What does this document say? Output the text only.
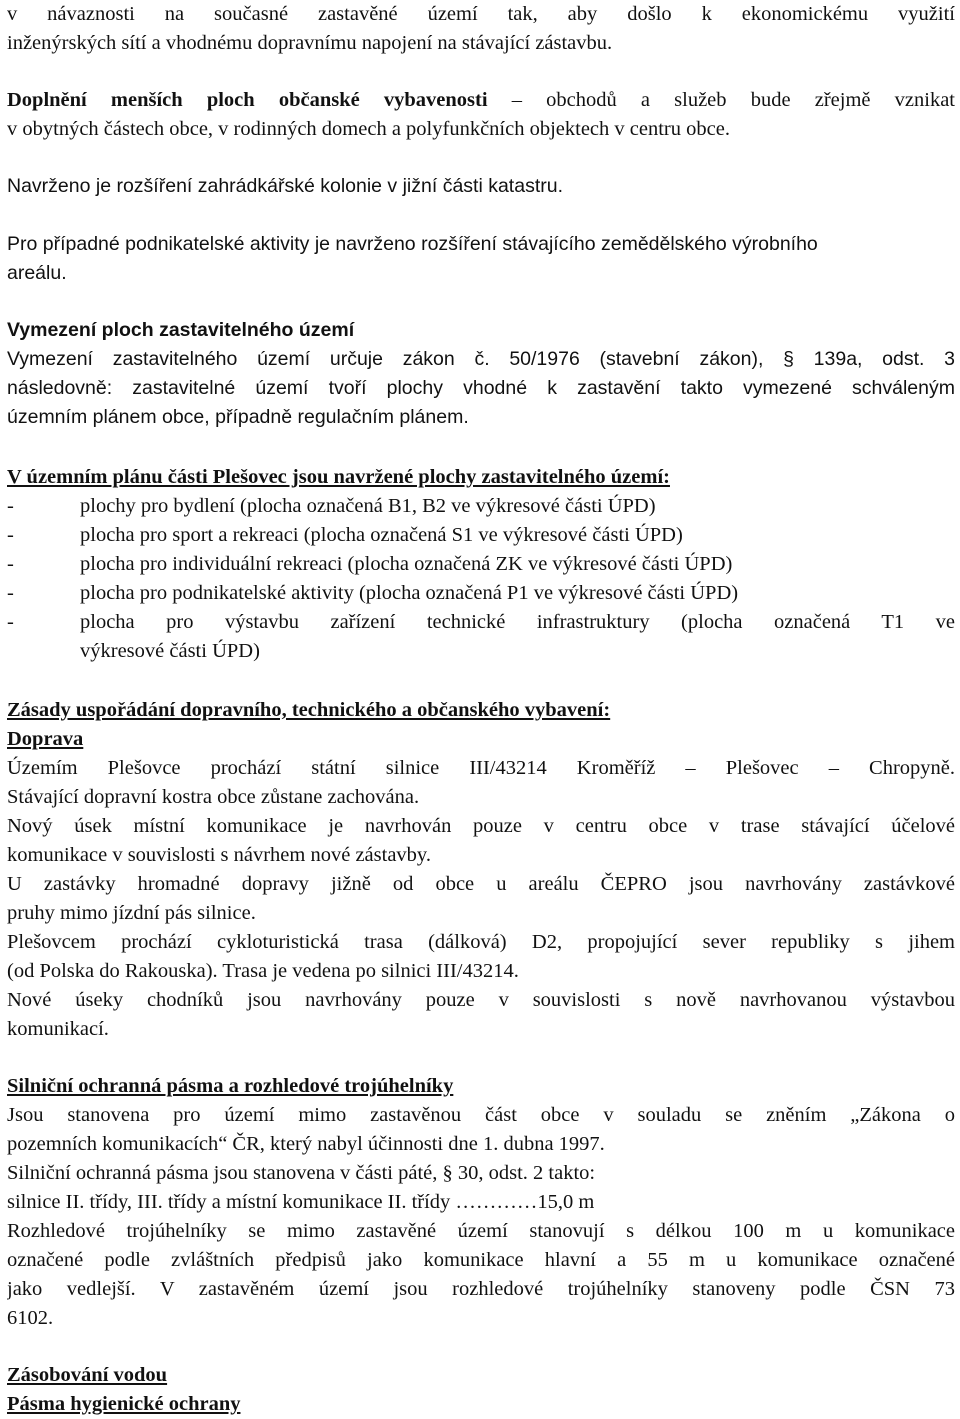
v návaznosti na současné zastavěné území tak, aby došlo k ekonomickému využití
inženýrských sítí a vhodnému dopravnímu napojení na stávající zástavbu.
Doplnění menších ploch občanské vybavenosti – obchodů a služeb bude zřejmě vznikat
v obytných částech obce, v rodinných domech a polyfunkčních objektech v centru obce.
Navrženo je rozšíření zahrádkářské kolonie v jižní části katastru.
Pro případné podnikatelské aktivity je navrženo rozšíření stávajícího zemědělského výrobního
areálu.
Vymezení ploch zastavitelného území
Vymezení zastavitelného území určuje zákon č. 50/1976 (stavební zákon), § 139a, odst. 3
následovně: zastavitelné území tvoří plochy vhodné k zastavění takto vymezené schváleným
územním plánem obce, případně regulačním plánem.
V územním plánu části Plešovec jsou navržené plochy zastavitelného území:
-	plochy pro bydlení (plocha označená B1, B2 ve výkresové části ÚPD)
-	plocha pro sport a rekreaci (plocha označená S1 ve výkresové části ÚPD)
-	plocha pro individuální rekreaci (plocha označená ZK ve výkresové části ÚPD)
-	plocha pro podnikatelské aktivity (plocha označená P1 ve výkresové části ÚPD)
-	plocha pro výstavbu zařízení technické infrastruktury (plocha označená T1 ve
výkresové části ÚPD)
Zásady uspořádání dopravního, technického a občanského vybavení:
Doprava
Územím Plešovce prochází státní silnice III/43214 Kroměříž – Plešovec – Chropyně.
Stávající dopravní kostra obce zůstane zachována.
Nový úsek místní komunikace je navrhován pouze v centru obce v trase stávající účelové
komunikace v souvislosti s návrhem nové zástavby.
U zastávky hromadné dopravy jižně od obce u areálu ČEPRO jsou navrhovány zastávkové
pruhy mimo jízdní pás silnice.
Plešovcem prochází cykloturistická trasa (dálková) D2, propojující sever republiky s jihem
(od Polska do Rakouska). Trasa je vedena po silnici III/43214.
Nové úseky chodníků jsou navrhovány pouze v souvislosti s nově navrhovanou výstavbou
komunikací.
Silniční ochranná pásma a rozhledové trojúhelníky
Jsou stanovena pro území mimo zastavěnou část obce v souladu se zněním „Zákona o
pozemních komunikacích“ ČR, který nabyl účinnosti dne 1. dubna 1997.
Silniční ochranná pásma jsou stanovena v části páté, § 30, odst. 2 takto:
silnice II. třídy, III. třídy a místní komunikace II. třídy …………15,0 m
Rozhledové trojúhelníky se mimo zastavěné území stanovují s délkou 100 m u komunikace
označené podle zvláštních předpisů jako komunikace hlavní a 55 m u komunikace označené
jako vedlejší. V zastavěném území jsou rozhledové trojúhelníky stanoveny podle ČSN 73
6102.
Zásobování vodou
Pásma hygienické ochrany
